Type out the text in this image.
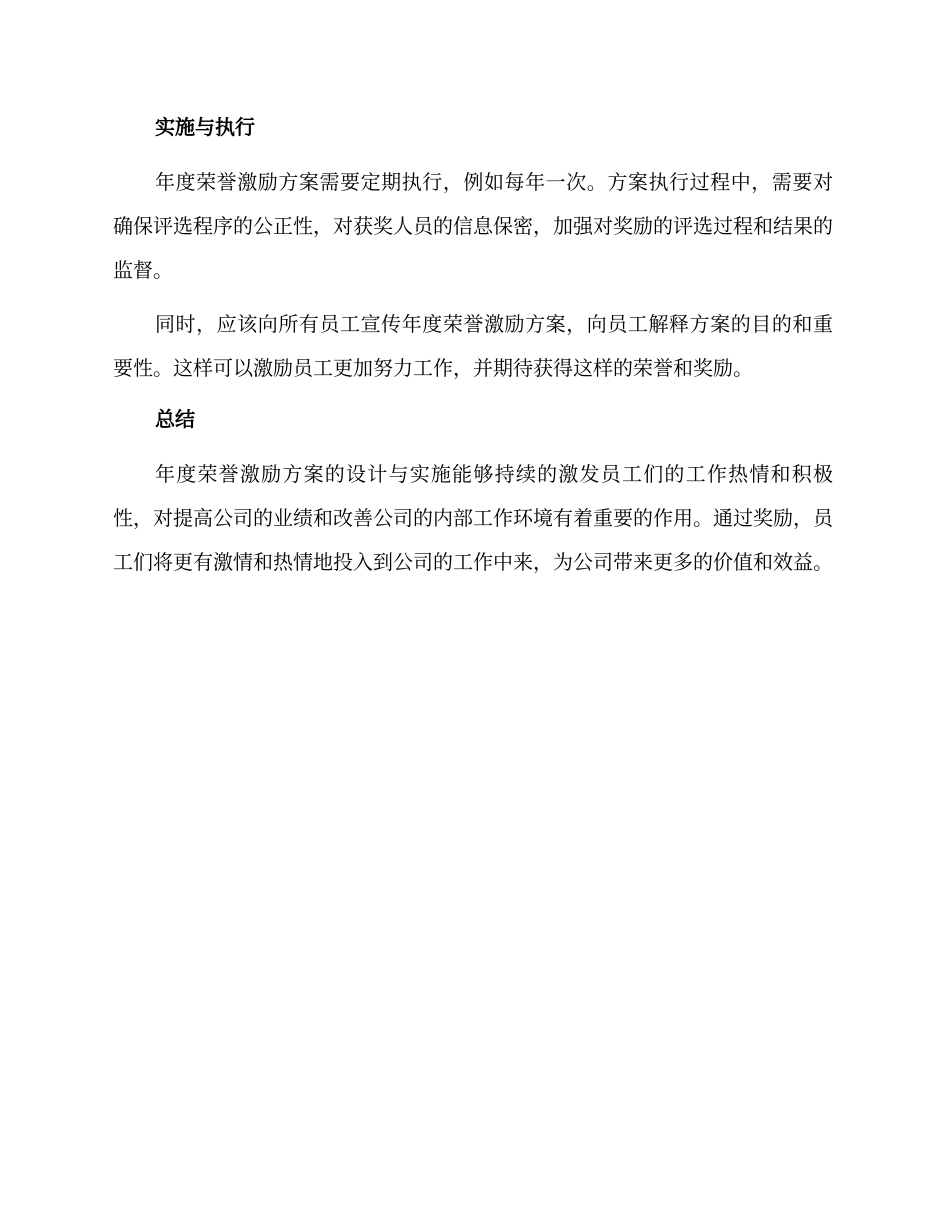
实施与执行

年度荣誉激励方案需要定期执行，例如每年一次。方案执行过程中，需要对确保评选程序的公正性，对获奖人员的信息保密，加强对奖励的评选过程和结果的监督。

同时，应该向所有员工宣传年度荣誉激励方案，向员工解释方案的目的和重要性。这样可以激励员工更加努力工作，并期待获得这样的荣誉和奖励。

总结

年度荣誉激励方案的设计与实施能够持续的激发员工们的工作热情和积极性，对提高公司的业绩和改善公司的内部工作环境有着重要的作用。通过奖励，员工们将更有激情和热情地投入到公司的工作中来，为公司带来更多的价值和效益。
